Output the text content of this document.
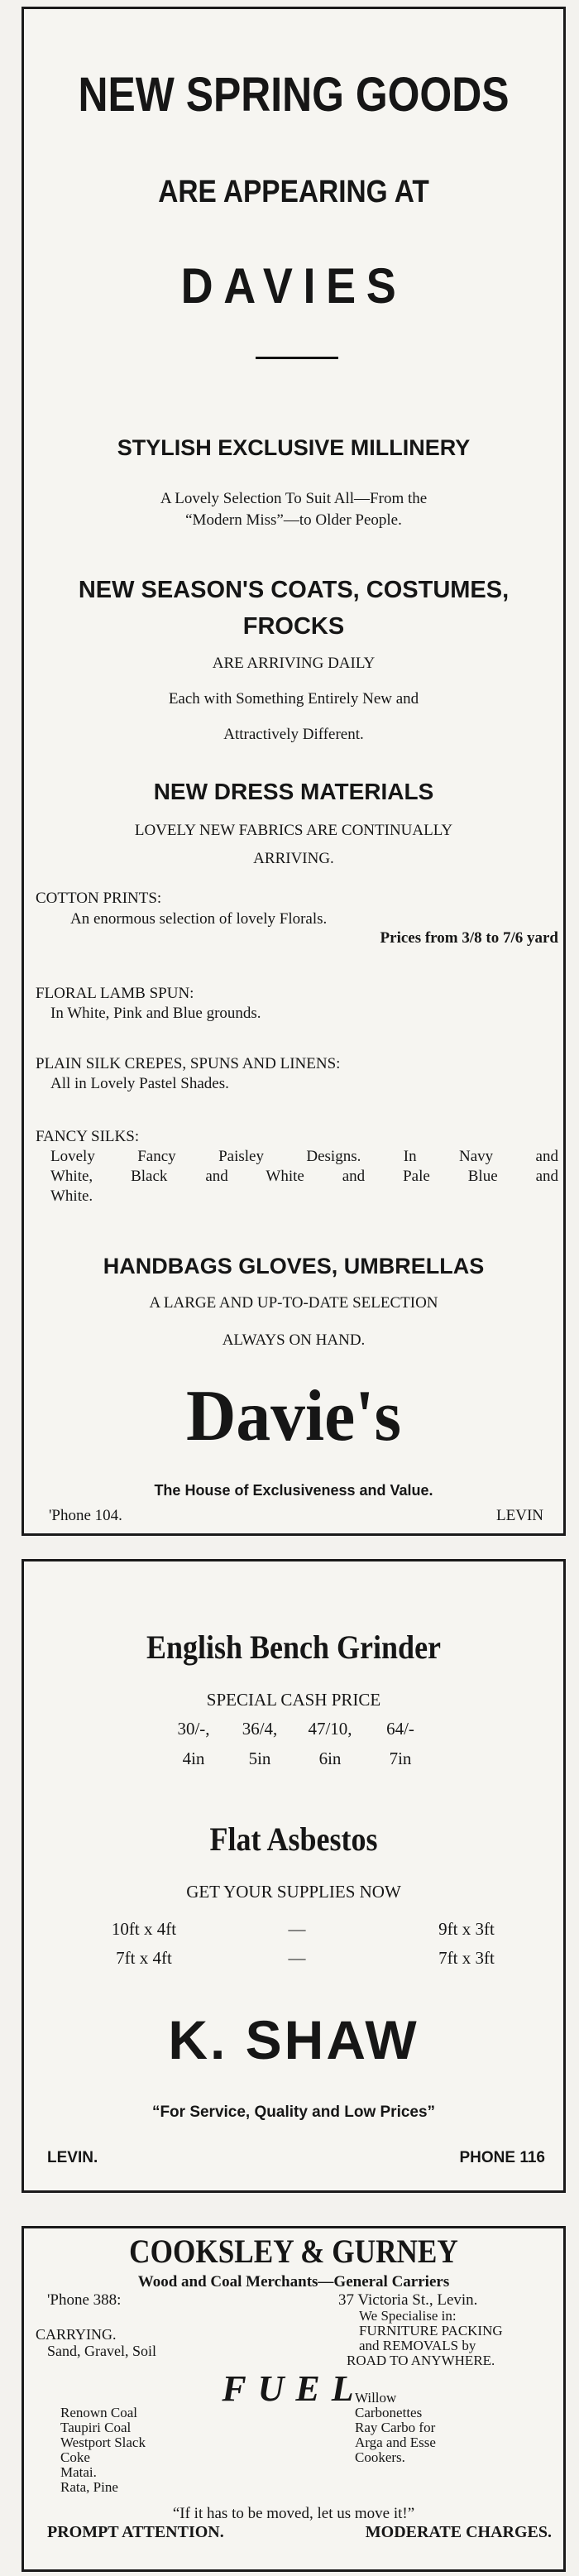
NEW SPRING GOODS
ARE APPEARING AT
DAVIES
STYLISH EXCLUSIVE MILLINERY
A Lovely Selection To Suit All—From the
“Modern Miss”—to Older People.
NEW SEASON'S COATS, COSTUMES,
FROCKS
ARE ARRIVING DAILY
Each with Something Entirely New and
Attractively Different.
NEW DRESS MATERIALS
LOVELY NEW FABRICS ARE CONTINUALLY
ARRIVING.
COTTON PRINTS:
An enormous selection of lovely Florals.
Prices from 3/8 to 7/6 yard
FLORAL LAMB SPUN:
In White, Pink and Blue grounds.
PLAIN SILK CREPES, SPUNS AND LINENS:
All in Lovely Pastel Shades.
FANCY SILKS:
Lovely Fancy Paisley Designs. In Navy and
White, Black and White and Pale Blue and
White.
HANDBAGS GLOVES, UMBRELLAS
A LARGE AND UP-TO-DATE SELECTION
ALWAYS ON HAND.
Davie's
The House of Exclusiveness and Value.
'Phone 104.	LEVIN
English Bench Grinder
SPECIAL CASH PRICE
30/-,	36/4,	47/10,	64/-
4in	5in	6in	7in
Flat Asbestos
GET YOUR SUPPLIES NOW
10ft x 4ft	—	9ft x 3ft
7ft x 4ft	—	7ft x 3ft
K. SHAW
“For Service, Quality and Low Prices”
LEVIN.	PHONE 116
COOKSLEY & GURNEY
Wood and Coal Merchants—General Carriers
'Phone 388:	37 Victoria St., Levin.
We Specialise in:
FURNITURE PACKING
and REMOVALS by
ROAD TO ANYWHERE.
CARRYING.
Sand, Gravel, Soil
FUEL
Renown Coal
Taupiri Coal
Westport Slack
Coke
Matai.
Rata, Pine
Willow
Carbonettes
Ray Carbo for
Arga and Esse
Cookers.
“If it has to be moved, let us move it!”
PROMPT ATTENTION.	MODERATE CHARGES.
